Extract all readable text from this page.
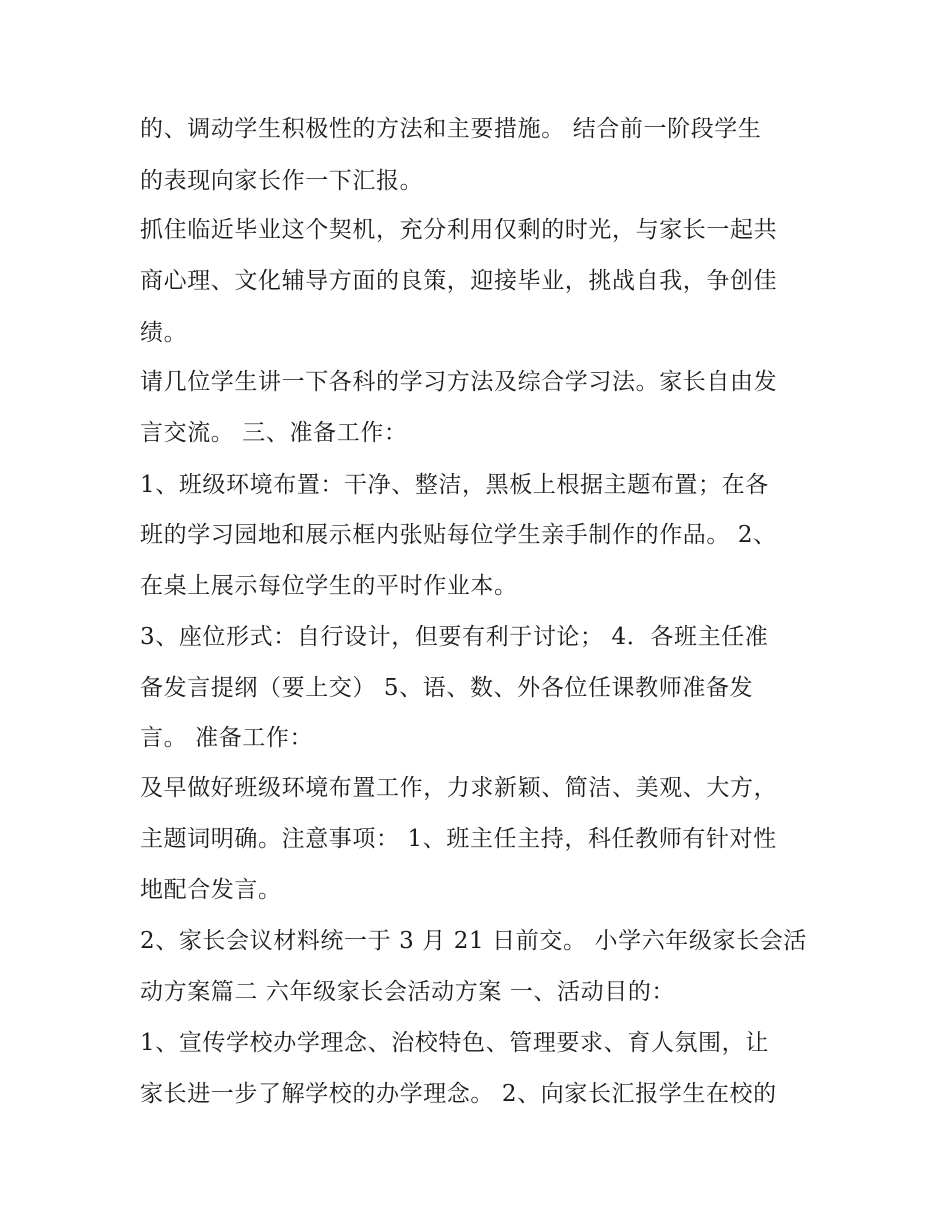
的、调动学生积极性的方法和主要措施。 结合前一阶段学生

的表现向家长作一下汇报。

抓住临近毕业这个契机，充分利用仅剩的时光，与家长一起共

商心理、文化辅导方面的良策，迎接毕业，挑战自我，争创佳

绩。

请几位学生讲一下各科的学习方法及综合学习法。家长自由发

言交流。 三、准备工作：

1、班级环境布置：干净、整洁，黑板上根据主题布置；在各

班的学习园地和展示框内张贴每位学生亲手制作的作品。 2、

在桌上展示每位学生的平时作业本。

3、座位形式：自行设计，但要有利于讨论； 4．各班主任准

备发言提纲（要上交） 5、语、数、外各位任课教师准备发

言。 准备工作：

及早做好班级环境布置工作，力求新颖、简洁、美观、大方，

主题词明确。注意事项： 1、班主任主持，科任教师有针对性

地配合发言。

2、家长会议材料统一于 3 月 21 日前交。 小学六年级家长会活

动方案篇二 六年级家长会活动方案 一、活动目的：

1、宣传学校办学理念、治校特色、管理要求、育人氛围，让

家长进一步了解学校的办学理念。 2、向家长汇报学生在校的
